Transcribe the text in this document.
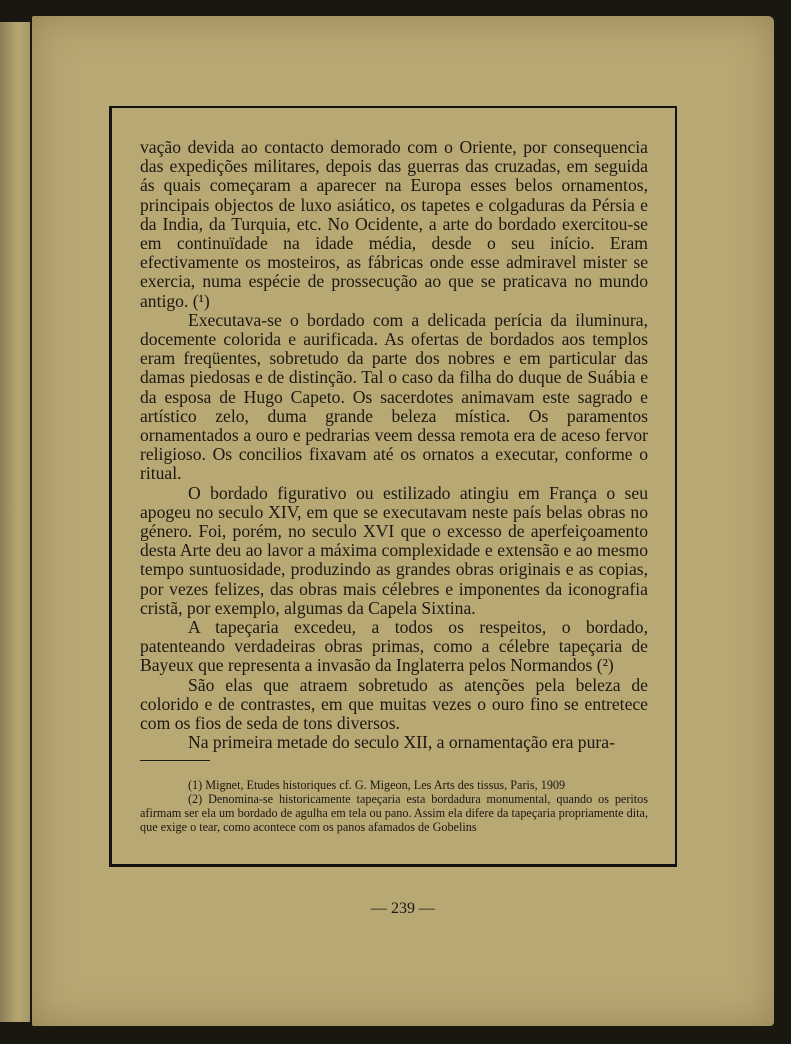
vação devida ao contacto demorado com o Oriente, por consequencia das expedições militares, depois das guerras das cruzadas, em seguida ás quais começaram a aparecer na Europa esses belos ornamentos, principais objectos de luxo asiático, os tapetes e colgaduras da Pérsia e da India, da Turquia, etc. No Ocidente, a arte do bordado exercitou-se em continuïdade na idade média, desde o seu início. Eram efectivamente os mosteiros, as fábricas onde esse admiravel mister se exercia, numa espécie de prossecução ao que se praticava no mundo antigo. (¹)

Executava-se o bordado com a delicada perícia da iluminura, docemente colorida e aurificada. As ofertas de bordados aos templos eram freqüentes, sobretudo da parte dos nobres e em particular das damas piedosas e de distinção. Tal o caso da filha do duque de Suábia e da esposa de Hugo Capeto. Os sacerdotes animavam este sagrado e artístico zelo, duma grande beleza mística. Os paramentos ornamentados a ouro e pedrarias veem dessa remota era de aceso fervor religioso. Os concilios fixavam até os ornatos a executar, conforme o ritual.

O bordado figurativo ou estilizado atingiu em França o seu apogeu no seculo XIV, em que se executavam neste país belas obras no género. Foi, porém, no seculo XVI que o excesso de aperfeiçoamento desta Arte deu ao lavor a máxima complexidade e extensão e ao mesmo tempo suntuosidade, produzindo as grandes obras originais e as copias, por vezes felizes, das obras mais célebres e imponentes da iconografia cristã, por exemplo, algumas da Capela Sixtina.

A tapeçaria excedeu, a todos os respeitos, o bordado, patenteando verdadeiras obras primas, como a célebre tapeçaria de Bayeux que representa a invasão da Inglaterra pelos Normandos (²)

São elas que atraem sobretudo as atenções pela beleza de colorido e de contrastes, em que muitas vezes o ouro fino se entretece com os fios de seda de tons diversos.

Na primeira metade do seculo XII, a ornamentação era pura-

(1) Mignet, Etudes historiques cf. G. Migeon, Les Arts des tissus, Paris, 1909

(2) Denomina-se historicamente tapeçaria esta bordadura monumental, quando os peritos afirmam ser ela um bordado de agulha em tela ou pano. Assim ela difere da tapeçaria propriamente dita, que exige o tear, como acontece com os panos afamados de Gobelins

— 239 —
